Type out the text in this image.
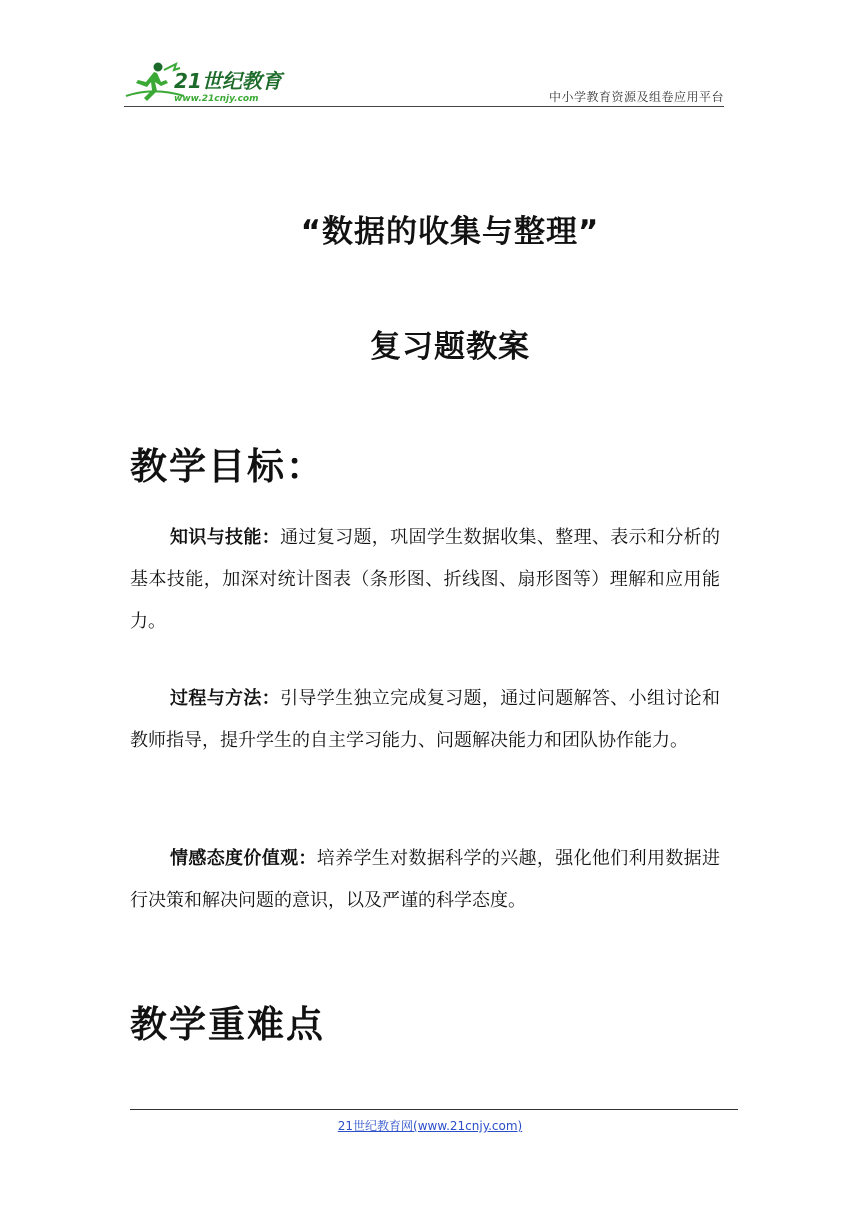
21世纪教育
www.21cnjy.com	中小学教育资源及组卷应用平台
“数据的收集与整理”
复习题教案
教学目标：
知识与技能：通过复习题，巩固学生数据收集、整理、表示和分析的基本技能，加深对统计图表（条形图、折线图、扇形图等）理解和应用能力。
过程与方法：引导学生独立完成复习题，通过问题解答、小组讨论和教师指导，提升学生的自主学习能力、问题解决能力和团队协作能力。
情感态度价值观：培养学生对数据科学的兴趣，强化他们利用数据进行决策和解决问题的意识，以及严谨的科学态度。
教学重难点
21世纪教育网(www.21cnjy.com)
